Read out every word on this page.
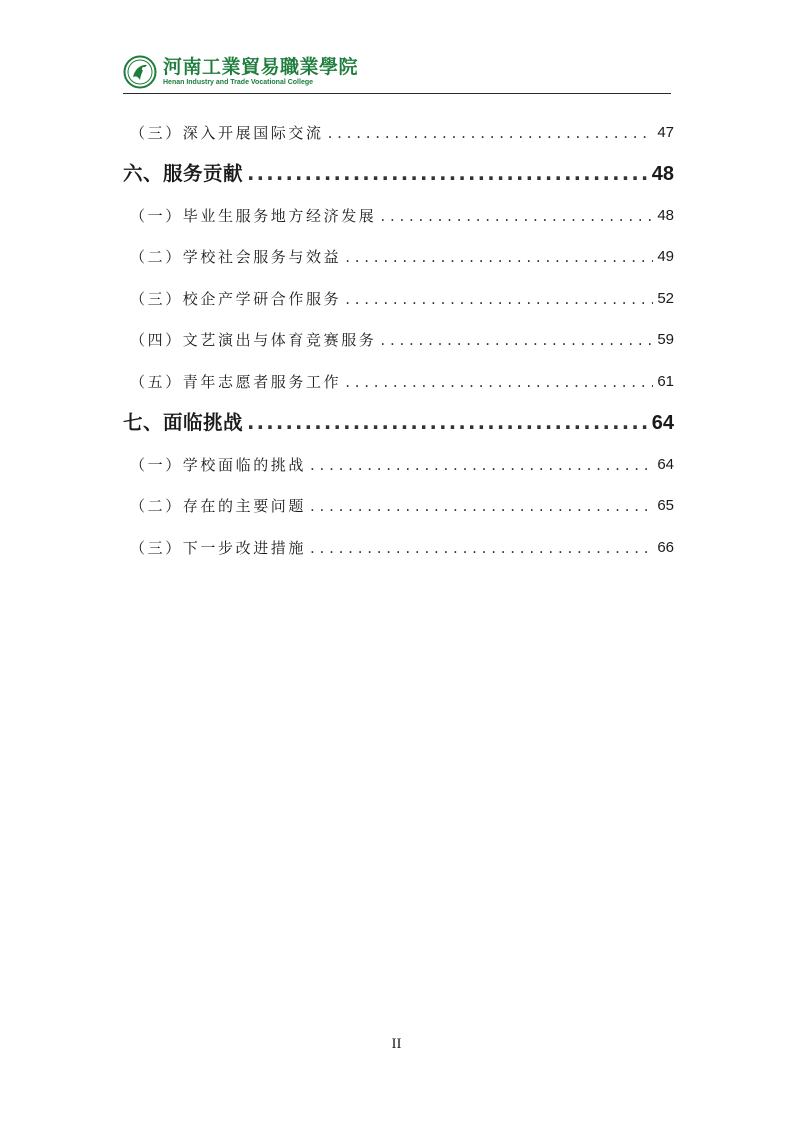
河南工業貿易職業學院
Henan Industry and Trade Vocational College
（三）深入开展国际交流 . . .	47
六、服务贡献 .....	48
（一）毕业生服务地方经济发展 . . .	48
（二）学校社会服务与效益 . . .	49
（三）校企产学研合作服务 . . .	52
（四）文艺演出与体育竞赛服务 . . .	59
（五）青年志愿者服务工作 . . .	61
七、面临挑战 .....	64
（一）学校面临的挑战 . . .	64
（二）存在的主要问题 . . .	65
（三）下一步改进措施 . . .	66
II
